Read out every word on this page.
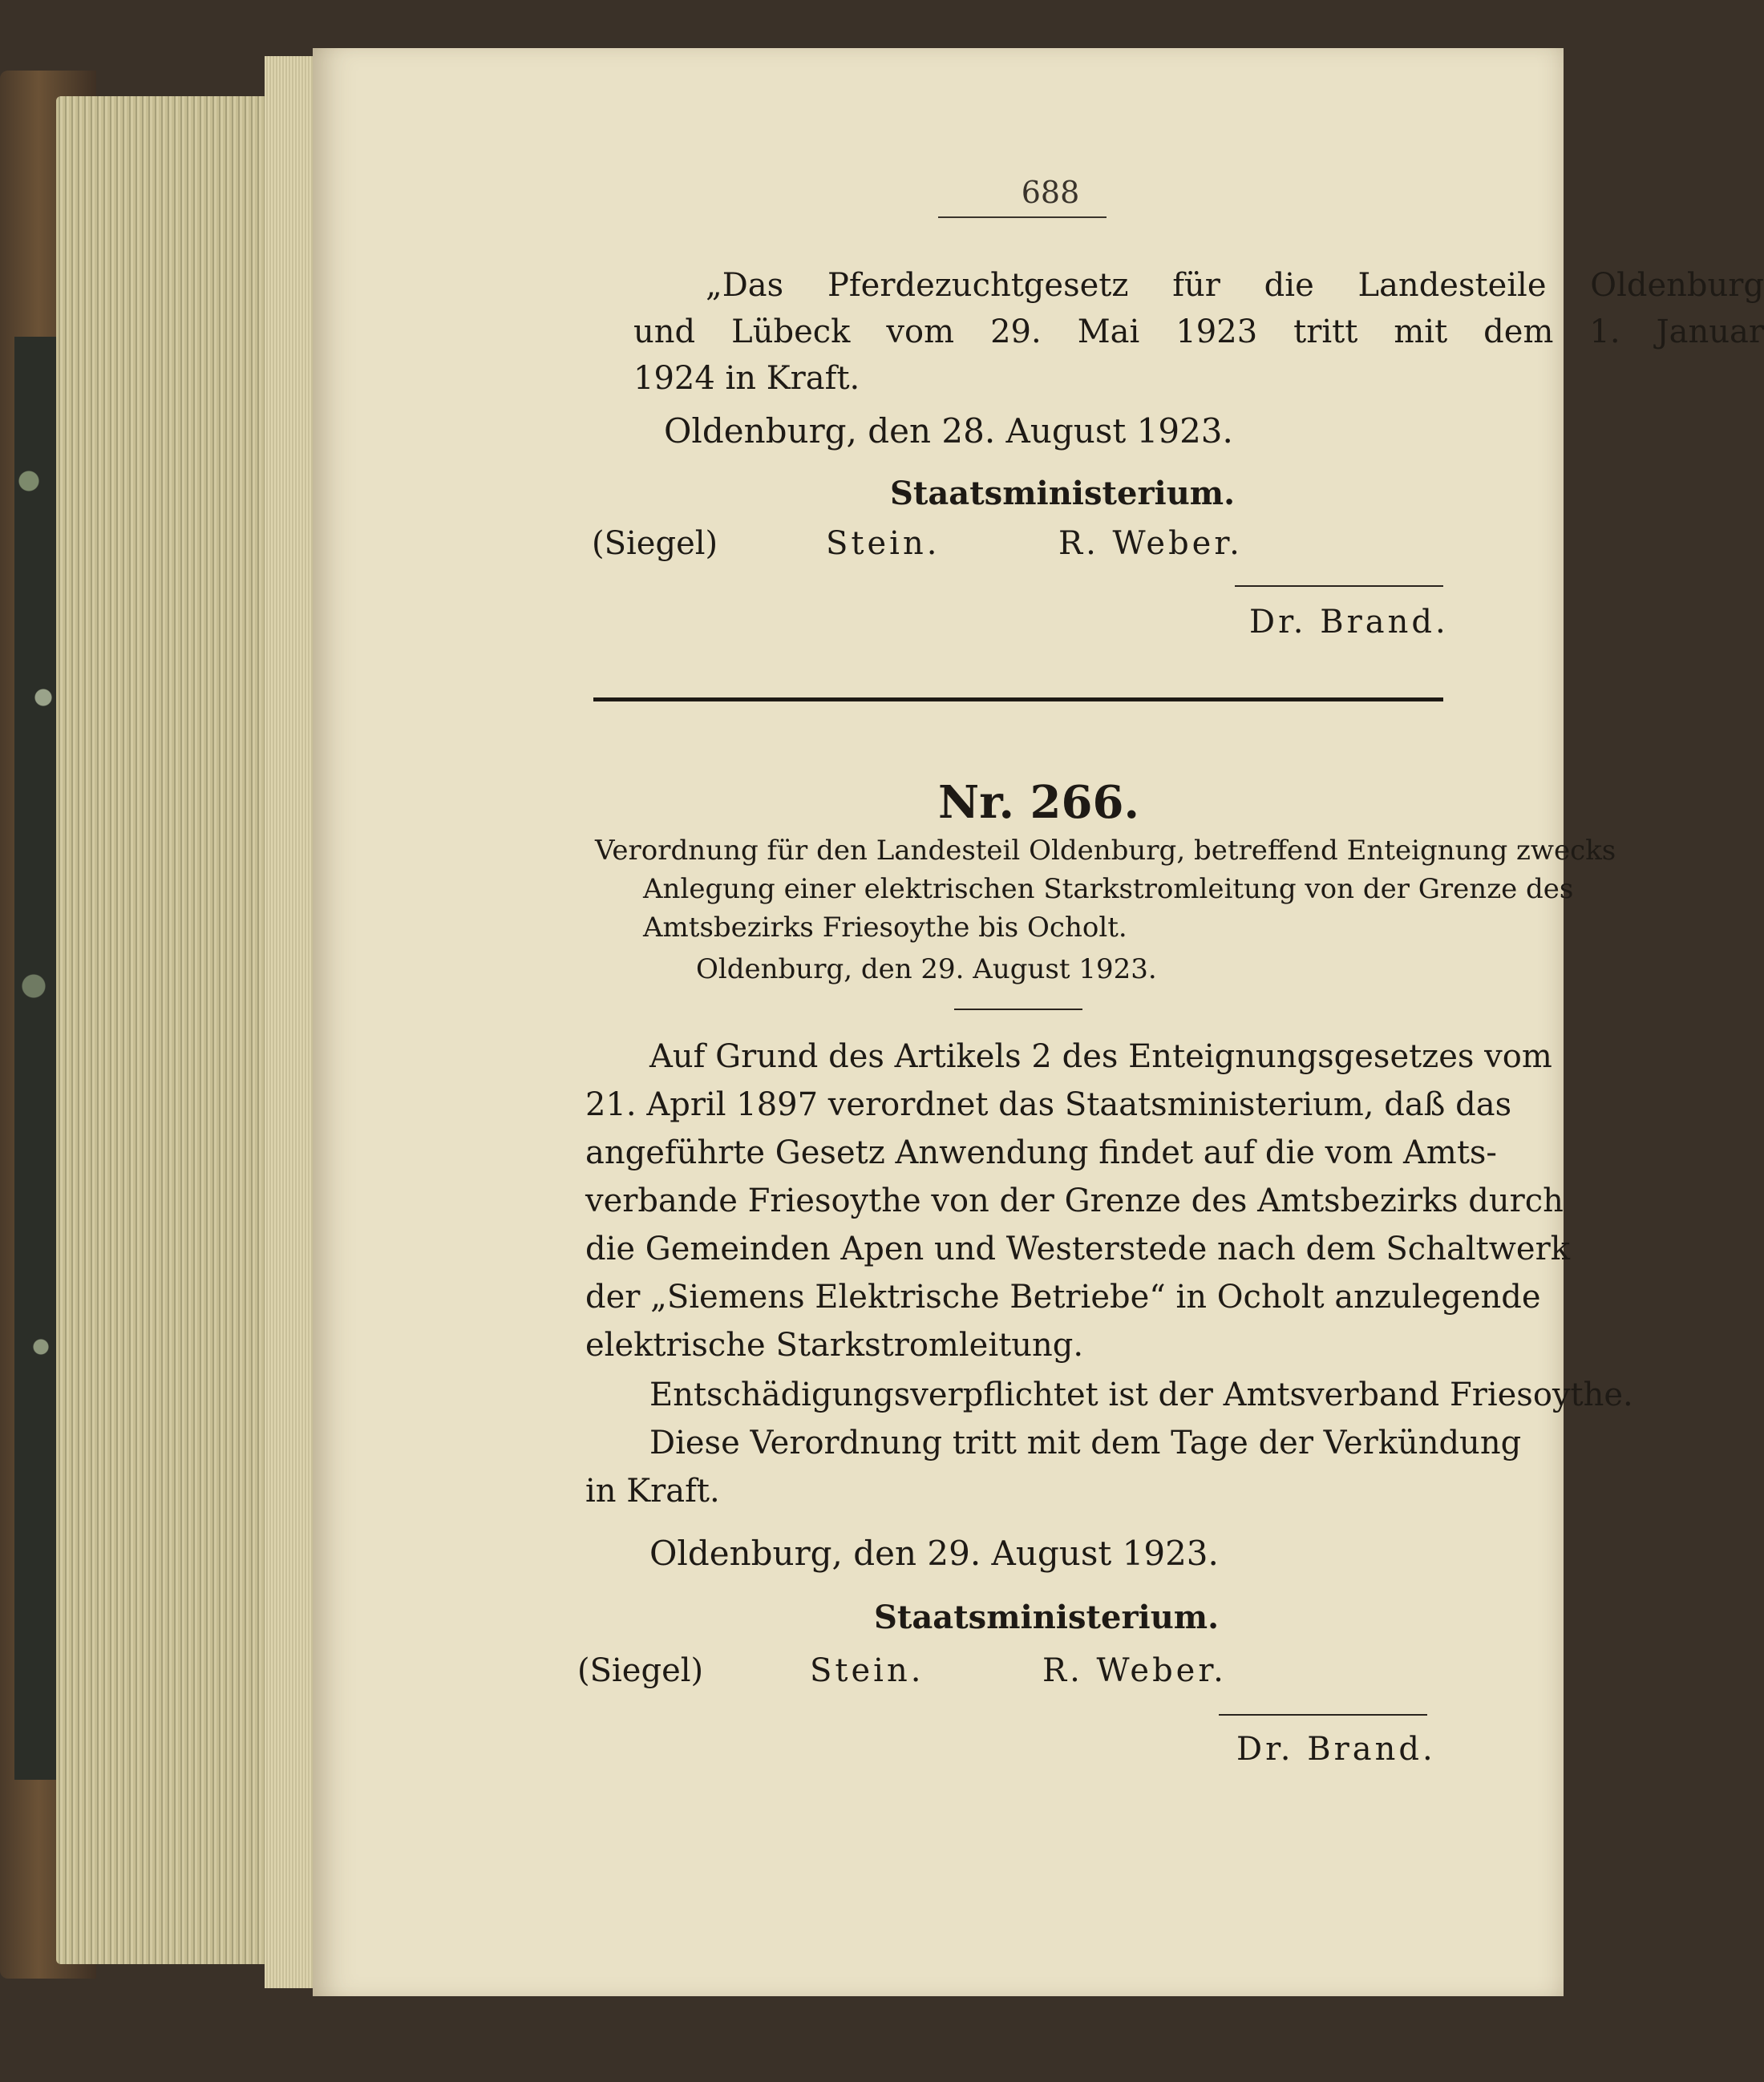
688
„Das Pferdezuchtgesetz für die Landesteile Oldenburg
und Lübeck vom 29. Mai 1923 tritt mit dem 1. Januar
1924 in Kraft.
Oldenburg, den 28. August 1923.
Staatsministerium.
(Siegel)	Stein.	R. Weber.
Dr. Brand.
Nr. 266.
Verordnung für den Landesteil Oldenburg, betreffend Enteignung zwecks
Anlegung einer elektrischen Starkstromleitung von der Grenze des
Amtsbezirks Friesoythe bis Ocholt.
Oldenburg, den 29. August 1923.
Auf Grund des Artikels 2 des Enteignungsgesetzes vom
21. April 1897 verordnet das Staatsministerium, daß das
angeführte Gesetz Anwendung findet auf die vom Amts-
verbande Friesoythe von der Grenze des Amtsbezirks durch
die Gemeinden Apen und Westerstede nach dem Schaltwerk
der „Siemens Elektrische Betriebe“ in Ocholt anzulegende
elektrische Starkstromleitung.
Entschädigungsverpflichtet ist der Amtsverband Friesoythe.
Diese Verordnung tritt mit dem Tage der Verkündung
in Kraft.
Oldenburg, den 29. August 1923.
Staatsministerium.
(Siegel)	Stein.	R. Weber.
Dr. Brand.
